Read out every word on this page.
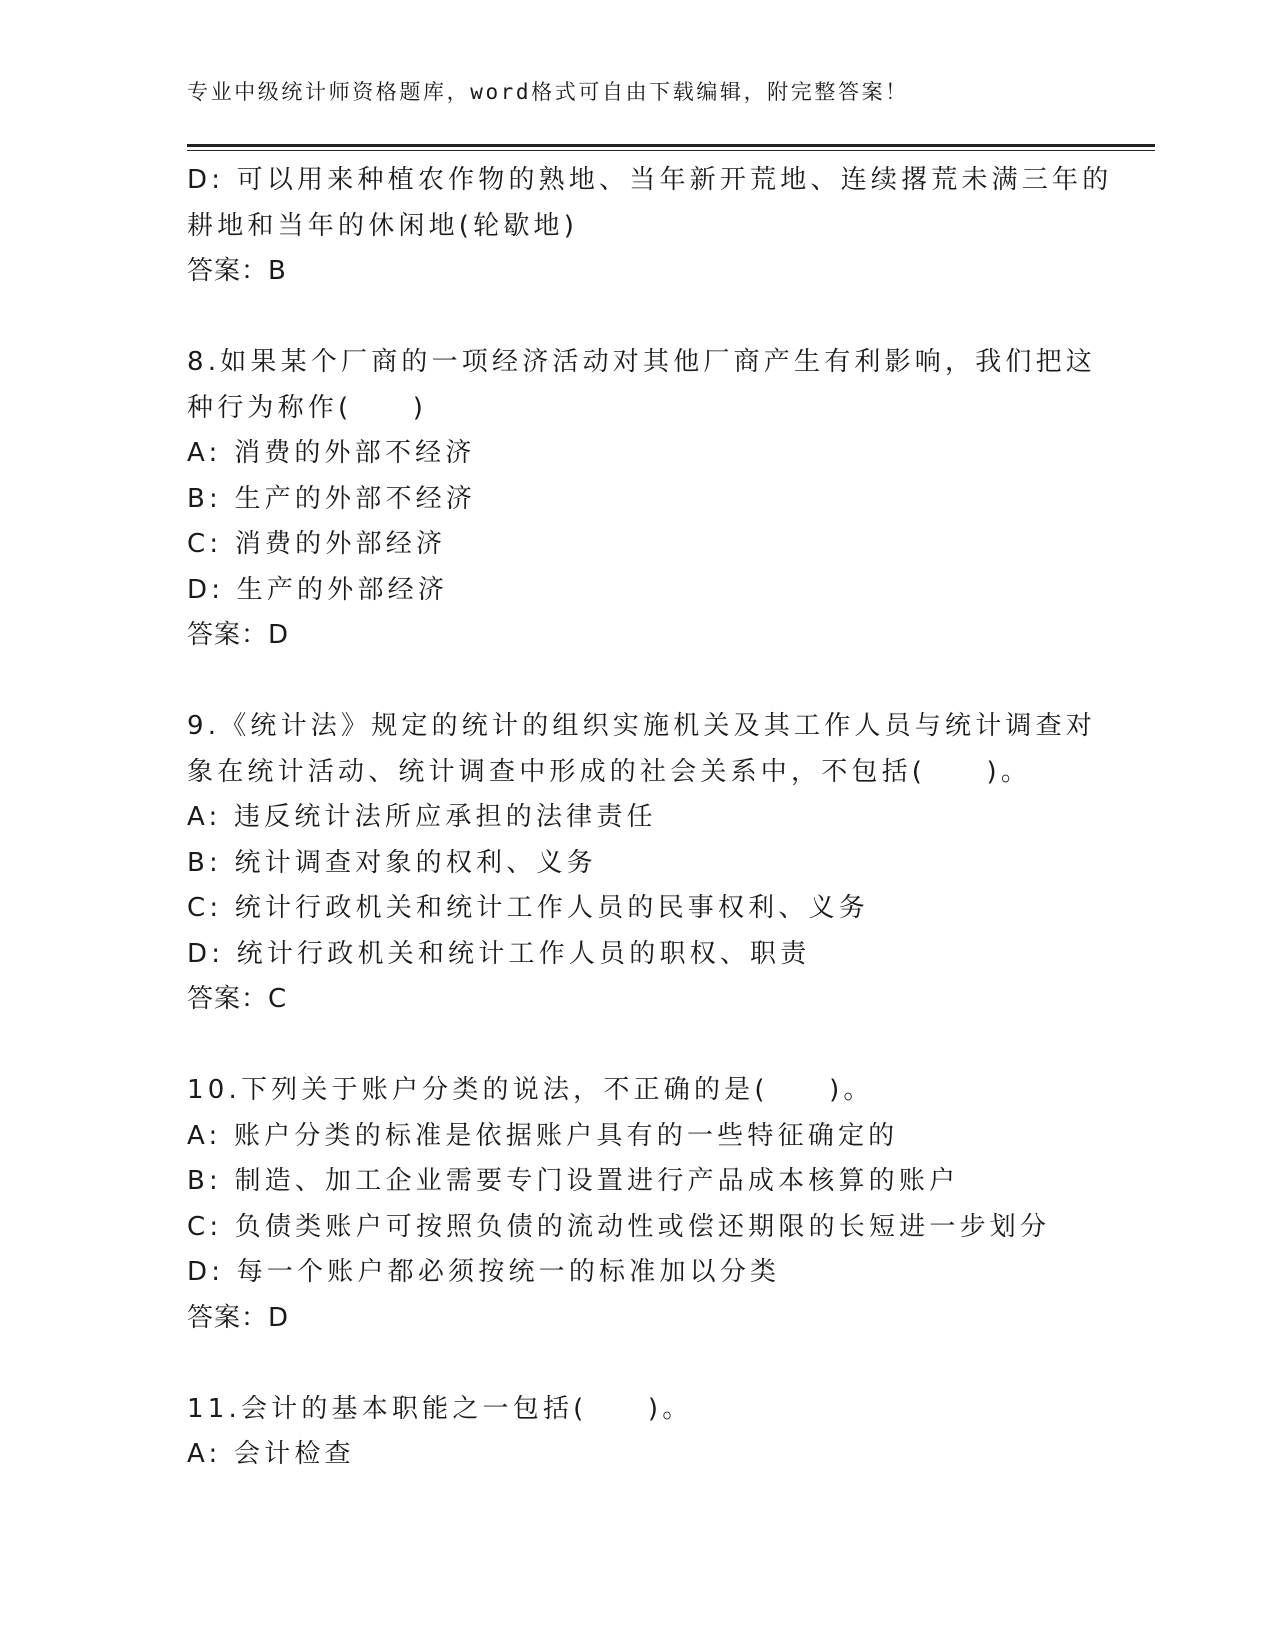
专业中级统计师资格题库，word格式可自由下载编辑，附完整答案！
D: 可以用来种植农作物的熟地、当年新开荒地、连续撂荒未满三年的
耕地和当年的休闲地(轮歇地)
答案：B
8.如果某个厂商的一项经济活动对其他厂商产生有利影响，我们把这
种行为称作(　　)
A: 消费的外部不经济
B: 生产的外部不经济
C: 消费的外部经济
D: 生产的外部经济
答案：D
9.《统计法》规定的统计的组织实施机关及其工作人员与统计调查对
象在统计活动、统计调查中形成的社会关系中，不包括(　　)。
A: 违反统计法所应承担的法律责任
B: 统计调查对象的权利、义务
C: 统计行政机关和统计工作人员的民事权利、义务
D: 统计行政机关和统计工作人员的职权、职责
答案：C
10.下列关于账户分类的说法，不正确的是(　　)。
A: 账户分类的标准是依据账户具有的一些特征确定的
B: 制造、加工企业需要专门设置进行产品成本核算的账户
C: 负债类账户可按照负债的流动性或偿还期限的长短进一步划分
D: 每一个账户都必须按统一的标准加以分类
答案：D
11.会计的基本职能之一包括(　　)。
A: 会计检查
